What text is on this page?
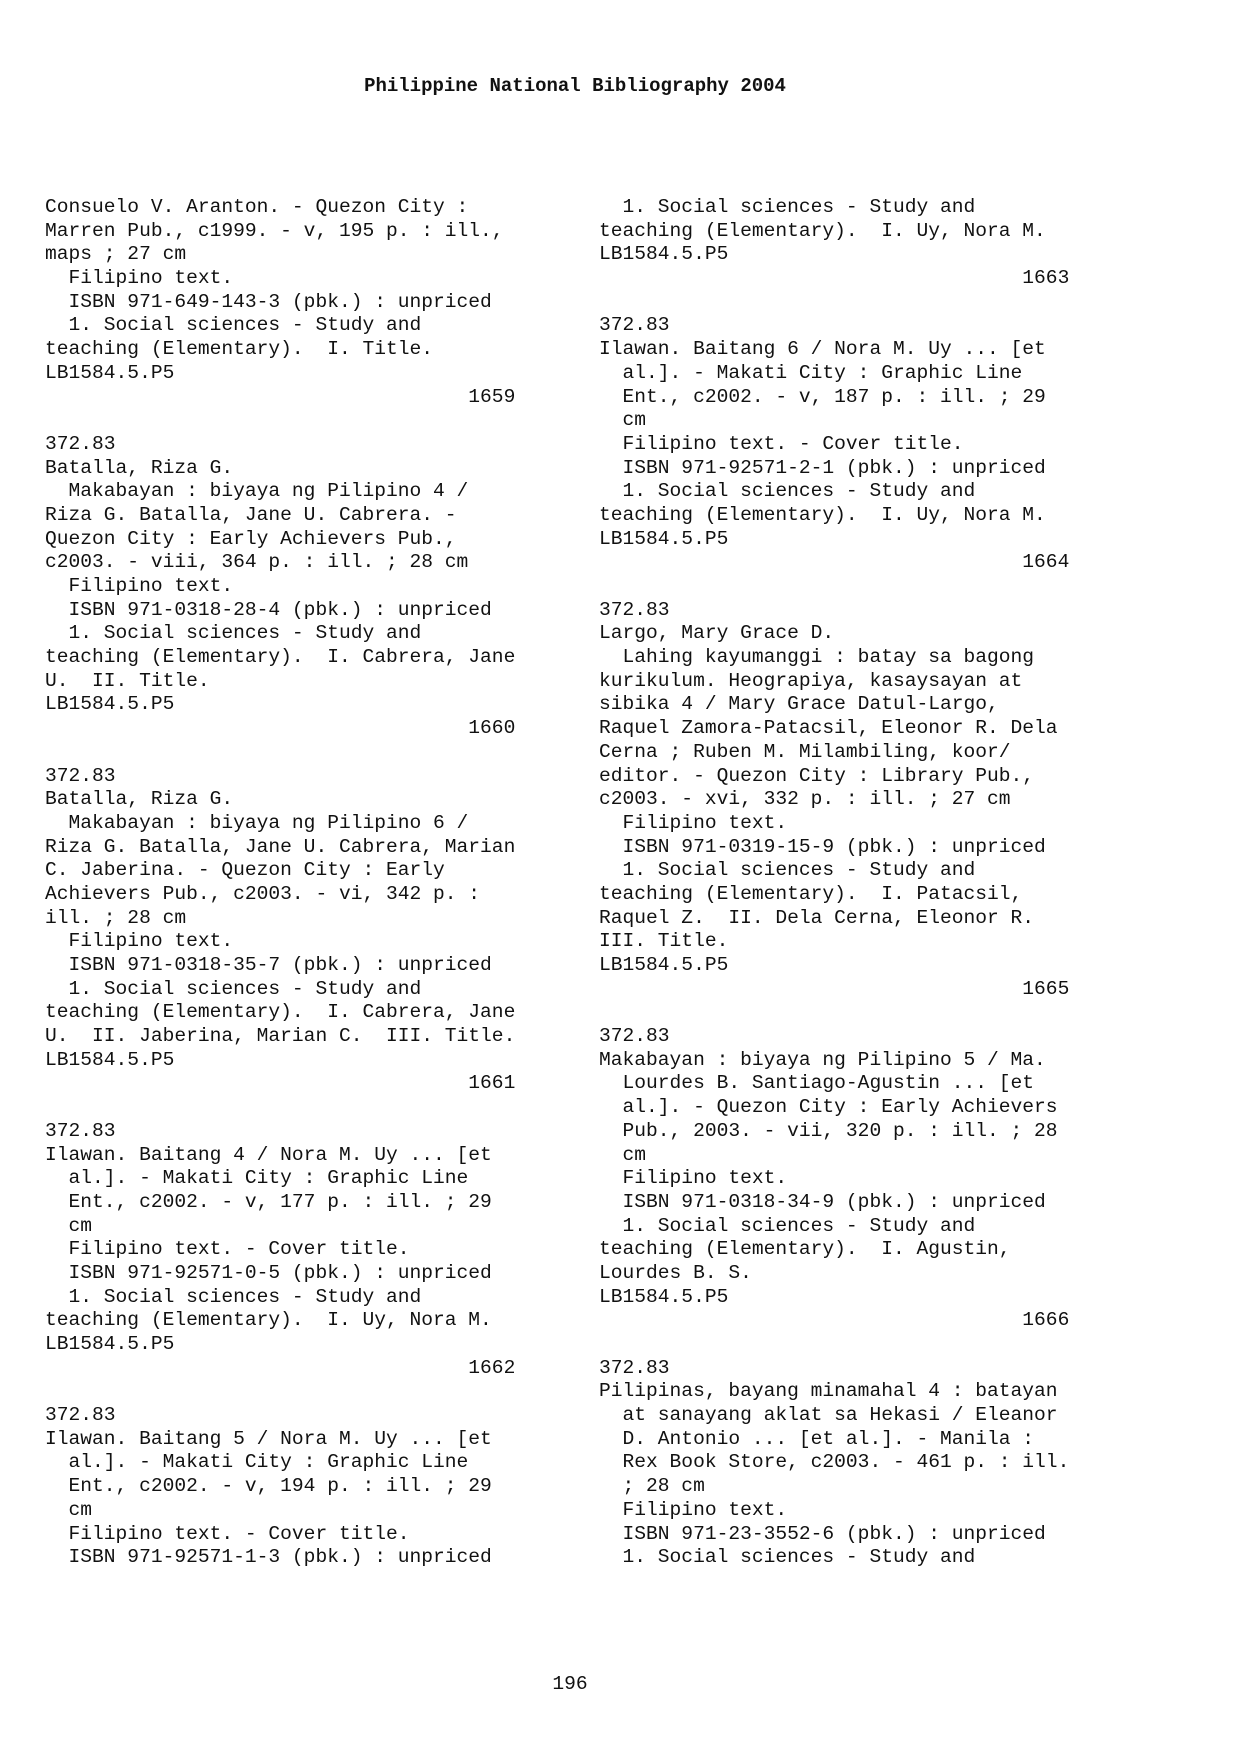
Philippine National Bibliography 2004
Consuelo V. Aranton. - Quezon City :
Marren Pub., c1999. - v, 195 p. : ill.,
maps ; 27 cm
Filipino text.
ISBN 971-649-143-3 (pbk.) : unpriced
1. Social sciences - Study and
teaching (Elementary).  I. Title.
LB1584.5.P5
1659
372.83
Batalla, Riza G.
Makabayan : biyaya ng Pilipino 4 /
Riza G. Batalla, Jane U. Cabrera. -
Quezon City : Early Achievers Pub.,
c2003. - viii, 364 p. : ill. ; 28 cm
Filipino text.
ISBN 971-0318-28-4 (pbk.) : unpriced
1. Social sciences - Study and
teaching (Elementary).  I. Cabrera, Jane
U.  II. Title.
LB1584.5.P5
1660
372.83
Batalla, Riza G.
Makabayan : biyaya ng Pilipino 6 /
Riza G. Batalla, Jane U. Cabrera, Marian
C. Jaberina. - Quezon City : Early
Achievers Pub., c2003. - vi, 342 p. :
ill. ; 28 cm
Filipino text.
ISBN 971-0318-35-7 (pbk.) : unpriced
1. Social sciences - Study and
teaching (Elementary).  I. Cabrera, Jane
U.  II. Jaberina, Marian C.  III. Title.
LB1584.5.P5
1661
372.83
Ilawan. Baitang 4 / Nora M. Uy ... [et
al.]. - Makati City : Graphic Line
Ent., c2002. - v, 177 p. : ill. ; 29
cm
Filipino text. - Cover title.
ISBN 971-92571-0-5 (pbk.) : unpriced
1. Social sciences - Study and
teaching (Elementary).  I. Uy, Nora M.
LB1584.5.P5
1662
372.83
Ilawan. Baitang 5 / Nora M. Uy ... [et
al.]. - Makati City : Graphic Line
Ent., c2002. - v, 194 p. : ill. ; 29
cm
Filipino text. - Cover title.
ISBN 971-92571-1-3 (pbk.) : unpriced
1. Social sciences - Study and
teaching (Elementary).  I. Uy, Nora M.
LB1584.5.P5
1663
372.83
Ilawan. Baitang 6 / Nora M. Uy ... [et
al.]. - Makati City : Graphic Line
Ent., c2002. - v, 187 p. : ill. ; 29
cm
Filipino text. - Cover title.
ISBN 971-92571-2-1 (pbk.) : unpriced
1. Social sciences - Study and
teaching (Elementary).  I. Uy, Nora M.
LB1584.5.P5
1664
372.83
Largo, Mary Grace D.
Lahing kayumanggi : batay sa bagong
kurikulum. Heograpiya, kasaysayan at
sibika 4 / Mary Grace Datul-Largo,
Raquel Zamora-Patacsil, Eleonor R. Dela
Cerna ; Ruben M. Milambiling, koor/
editor. - Quezon City : Library Pub.,
c2003. - xvi, 332 p. : ill. ; 27 cm
Filipino text.
ISBN 971-0319-15-9 (pbk.) : unpriced
1. Social sciences - Study and
teaching (Elementary).  I. Patacsil,
Raquel Z.  II. Dela Cerna, Eleonor R.
III. Title.
LB1584.5.P5
1665
372.83
Makabayan : biyaya ng Pilipino 5 / Ma.
Lourdes B. Santiago-Agustin ... [et
al.]. - Quezon City : Early Achievers
Pub., 2003. - vii, 320 p. : ill. ; 28
cm
Filipino text.
ISBN 971-0318-34-9 (pbk.) : unpriced
1. Social sciences - Study and
teaching (Elementary).  I. Agustin,
Lourdes B. S.
LB1584.5.P5
1666
372.83
Pilipinas, bayang minamahal 4 : batayan
at sanayang aklat sa Hekasi / Eleanor
D. Antonio ... [et al.]. - Manila :
Rex Book Store, c2003. - 461 p. : ill.
; 28 cm
Filipino text.
ISBN 971-23-3552-6 (pbk.) : unpriced
1. Social sciences - Study and
196
